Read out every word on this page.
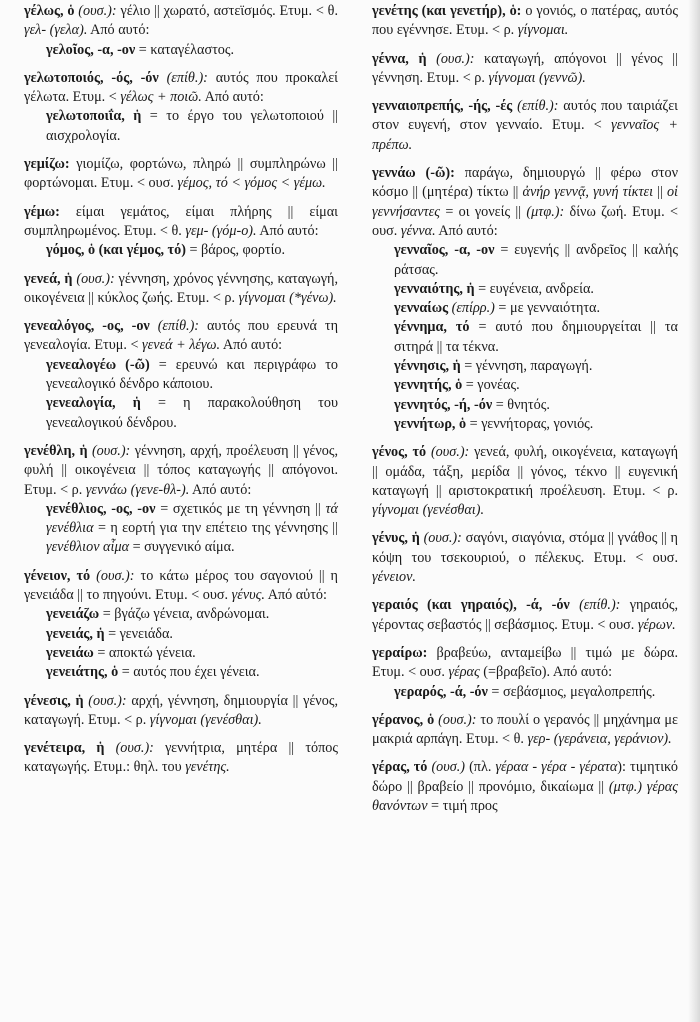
γέλως, ὁ (ουσ.): γέλιο || χωρατό, αστεϊσμός. Ετυμ. < θ. γελ- (γελα). Από αυτό:
γελοῖος, -α, -ον = καταγέλαστος.
γελωτοποιός, -ός, -όν (επίθ.): αυτός που προκαλεί γέλωτα. Ετυμ. < γέλως + ποιῶ. Από αυτό:
γελωτοποιΐα, ἡ = το έργο του γελωτοποιού || αισχρολογία.
γεμίζω: γιομίζω, φορτώνω, πληρώ || συμπληρώνω || φορτώνομαι. Ετυμ. < ουσ. γέμος, τό < γόμος < γέμω.
γέμω: είμαι γεμάτος, είμαι πλήρης || είμαι συμπληρωμένος. Ετυμ. < θ. γεμ- (γόμ-ο). Από αυτό:
γόμος, ὁ (και γέμος, τό) = βάρος, φορτίο.
γενεά, ἡ (ουσ.): γέννηση, χρόνος γέννησης, καταγωγή, οικογένεια || κύκλος ζωής. Ετυμ. < ρ. γίγνομαι (*γένω).
γενεαλόγος, -ος, -ον (επίθ.): αυτός που ερευνά τη γενεαλογία. Ετυμ. < γενεά + λέγω. Από αυτό:
γενεαλογέω (-ῶ) = ερευνώ και περιγράφω το γενεαλογικό δένδρο κάποιου.
γενεαλογία, ἡ = η παρακολούθηση του γενεαλογικού δένδρου.
γενέθλη, ἡ (ουσ.): γέννηση, αρχή, προέλευση || γένος, φυλή || οικογένεια || τόπος καταγωγής || απόγονοι. Ετυμ. < ρ. γεννάω (γενε-θλ-). Από αυτό:
γενέθλιος, -ος, -ον = σχετικός με τη γέννηση || τά γενέθλια = η εορτή για την επέτειο της γέννησης || γενέθλιον αἷμα = συγγενικό αίμα.
γένειον, τό (ουσ.): το κάτω μέρος του σαγονιού || η γενειάδα || το πηγούνι. Ετυμ. < ουσ. γένυς. Από αὐτό:
γενειάζω = βγάζω γένεια, ανδρώνομαι.
γενειάς, ἡ = γενειάδα.
γενειάω = αποκτώ γένεια.
γενειάτης, ὁ = αυτός που έχει γένεια.
γένεσις, ἡ (ουσ.): αρχή, γέννηση, δημιουργία || γένος, καταγωγή. Ετυμ. < ρ. γίγνομαι (γενέσθαι).
γενέτειρα, ἡ (ουσ.): γεννήτρια, μητέρα || τόπος καταγωγής. Ετυμ.: θηλ. του γενέτης.
γενέτης (και γενετήρ), ὁ: ο γονιός, ο πατέρας, αυτός που εγέννησε. Ετυμ. < ρ. γίγνομαι.
γέννα, ἡ (ουσ.): καταγωγή, απόγονοι || γένος || γέννηση. Ετυμ. < ρ. γίγνομαι (γεννῶ).
γενναιοπρεπής, -ής, -ές (επίθ.): αυτός που ταιριάζει στον ευγενή, στον γενναίο. Ετυμ. < γενναῖος + πρέπω.
γεννάω (-ῶ): παράγω, δημιουργώ || φέρω στον κόσμο || (μητέρα) τίκτω || ἀνήρ γεννᾷ, γυνή τίκτει || οἱ γεννήσαντες = οι γονείς || (μτφ.): δίνω ζωή. Ετυμ. < ουσ. γέννα. Από αυτό:
γενναῖος, -α, -ον = ευγενής || ανδρεῖος || καλής ράτσας.
γενναιότης, ἡ = ευγένεια, ανδρεία.
γενναίως (επίρρ.) = με γενναιότητα.
γέννημα, τό = αυτό που δημιουργείται || τα σιτηρά || τα τέκνα.
γέννησις, ἡ = γέννηση, παραγωγή.
γεννητής, ὁ = γονέας.
γεννητός, -ή, -όν = θνητός.
γεννήτωρ, ὁ = γεννήτορας, γονιός.
γένος, τό (ουσ.): γενεά, φυλή, οικογένεια, καταγωγή || ομάδα, τάξη, μερίδα || γόνος, τέκνο || ευγενική καταγωγή || αριστοκρατική προέλευση. Ετυμ. < ρ. γίγνομαι (γενέσθαι).
γένυς, ἡ (ουσ.): σαγόνι, σιαγόνια, στόμα || γνάθος || η κόψη του τσεκουριού, ο πέλεκυς. Ετυμ. < ουσ. γένειον.
γεραιός (και γηραιός), -ά, -όν (επίθ.): γηραιός, γέροντας σεβαστός || σεβάσμιος. Ετυμ. < ουσ. γέρων.
γεραίρω: βραβεύω, ανταμείβω || τιμώ με δώρα. Ετυμ. < ουσ. γέρας (=βραβεῖο). Από αυτό:
γεραρός, -ά, -όν = σεβάσμιος, μεγαλοπρεπής.
γέρανος, ὁ (ουσ.): το πουλί ο γερανός || μηχάνημα με μακριά αρπάγη. Ετυμ. < θ. γερ- (γεράνεια, γεράνιον).
γέρας, τό (ουσ.) (πλ. γέραα - γέρα - γέρατα): τιμητικό δώρο || βραβείο || προνόμιο, δικαίωμα || (μτφ.) γέρας θανόντων = τιμή προς
